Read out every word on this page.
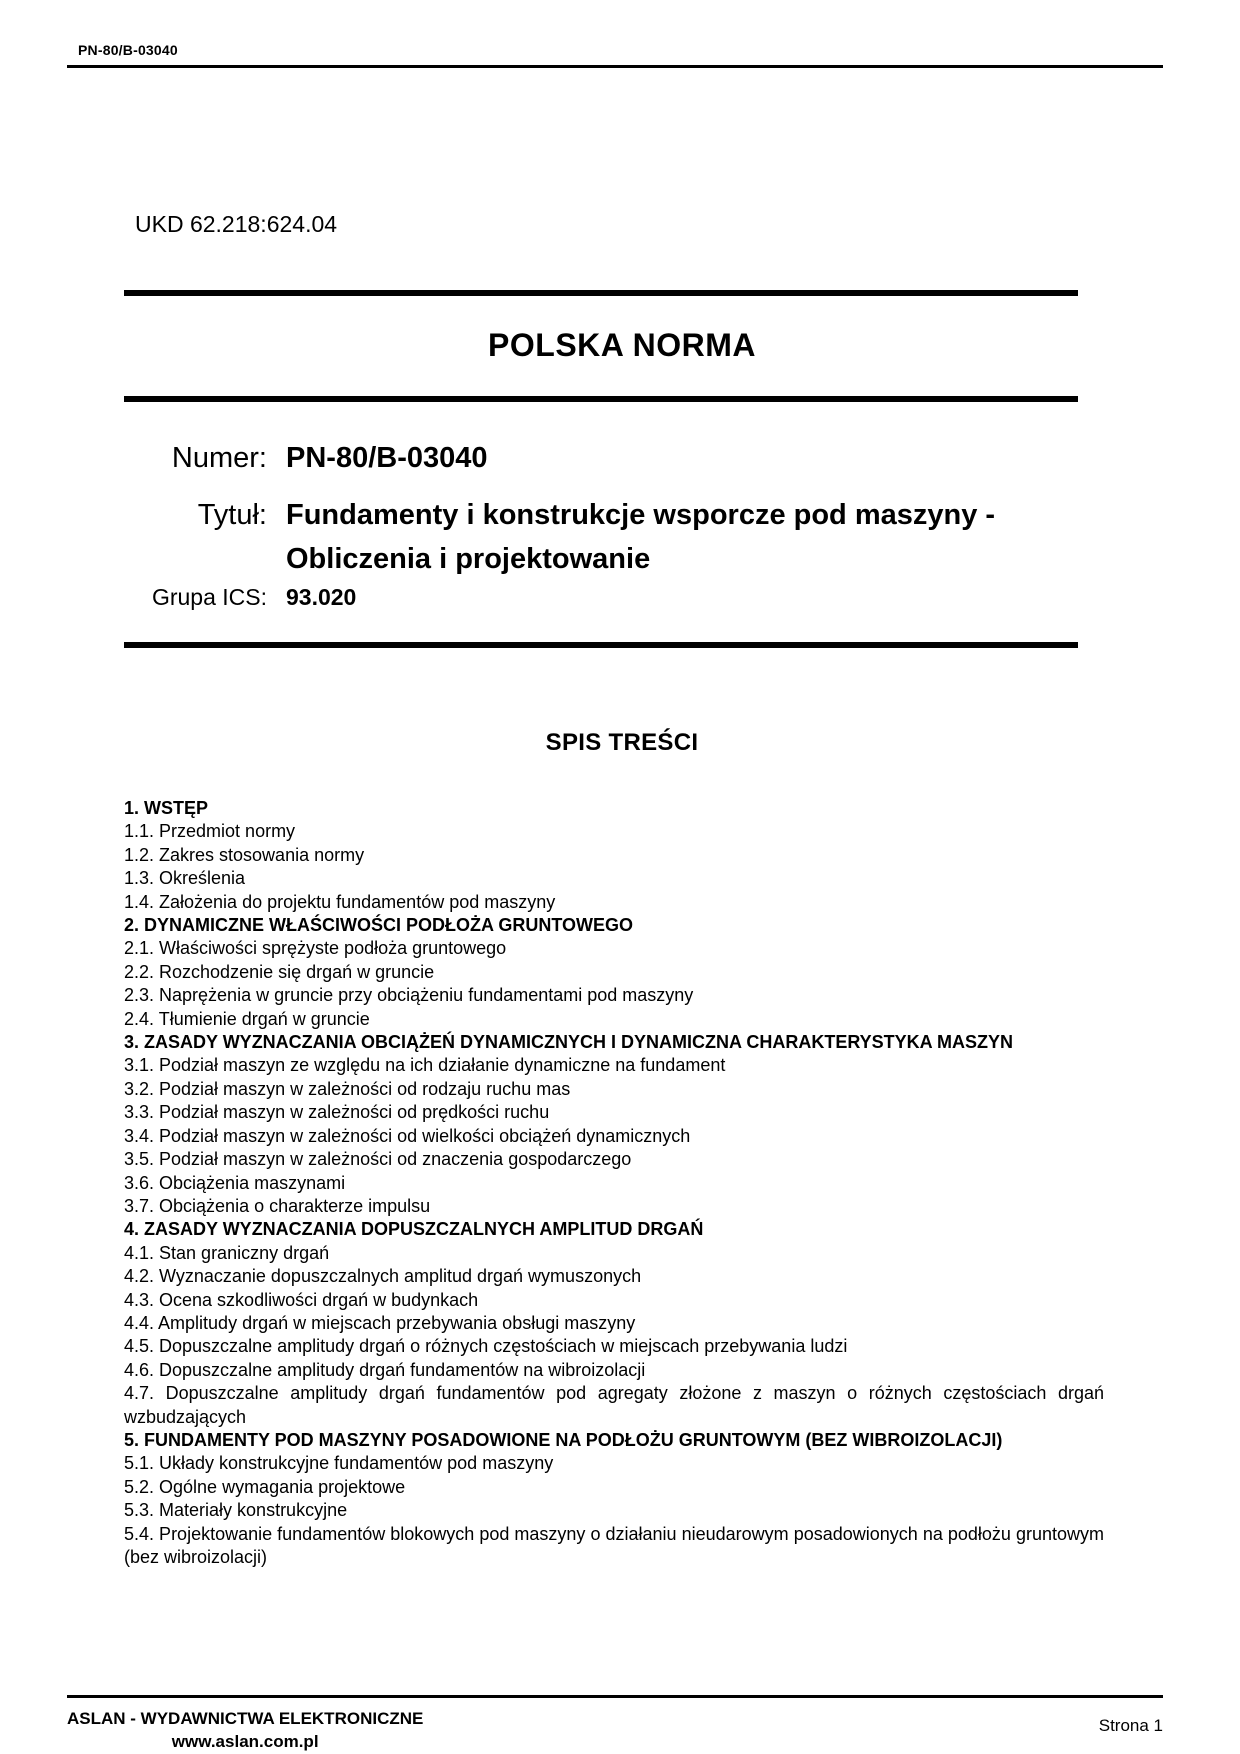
PN-80/B-03040
UKD 62.218:624.04
POLSKA NORMA
Numer: PN-80/B-03040
Tytuł: Fundamenty i konstrukcje wsporcze pod maszyny - Obliczenia i projektowanie
Grupa ICS: 93.020
SPIS TREŚCI
1. WSTĘP
1.1. Przedmiot normy
1.2. Zakres stosowania normy
1.3. Określenia
1.4. Założenia do projektu fundamentów pod maszyny
2. DYNAMICZNE WŁAŚCIWOŚCI PODŁOŻA GRUNTOWEGO
2.1. Właściwości sprężyste podłoża gruntowego
2.2. Rozchodzenie się drgań w gruncie
2.3. Naprężenia w gruncie przy obciążeniu fundamentami pod maszyny
2.4. Tłumienie drgań w gruncie
3. ZASADY WYZNACZANIA OBCIĄŻEŃ DYNAMICZNYCH I DYNAMICZNA CHARAKTERYSTYKA MASZYN
3.1. Podział maszyn ze względu na ich działanie dynamiczne na fundament
3.2. Podział maszyn w zależności od rodzaju ruchu mas
3.3. Podział maszyn w zależności od prędkości ruchu
3.4. Podział maszyn w zależności od wielkości obciążeń dynamicznych
3.5. Podział maszyn w zależności od znaczenia gospodarczego
3.6. Obciążenia maszynami
3.7. Obciążenia o charakterze impulsu
4. ZASADY WYZNACZANIA DOPUSZCZALNYCH AMPLITUD DRGAŃ
4.1. Stan graniczny drgań
4.2. Wyznaczanie dopuszczalnych amplitud drgań wymuszonych
4.3. Ocena szkodliwości drgań w budynkach
4.4. Amplitudy drgań w miejscach przebywania obsługi maszyny
4.5. Dopuszczalne amplitudy drgań o różnych częstościach w miejscach przebywania ludzi
4.6. Dopuszczalne amplitudy drgań fundamentów na wibroizolacji
4.7. Dopuszczalne amplitudy drgań fundamentów pod agregaty złożone z maszyn o różnych częstościach drgań wzbudzających
5. FUNDAMENTY POD MASZYNY POSADOWIONE NA PODŁOŻU GRUNTOWYM (BEZ WIBROIZOLACJI)
5.1. Układy konstrukcyjne fundamentów pod maszyny
5.2. Ogólne wymagania projektowe
5.3. Materiały konstrukcyjne
5.4. Projektowanie fundamentów blokowych pod maszyny o działaniu nieudarowym posadowionych na podłożu gruntowym (bez wibroizolacji)
ASLAN - WYDAWNICTWA ELEKTRONICZNE
www.aslan.com.pl
Strona 1
